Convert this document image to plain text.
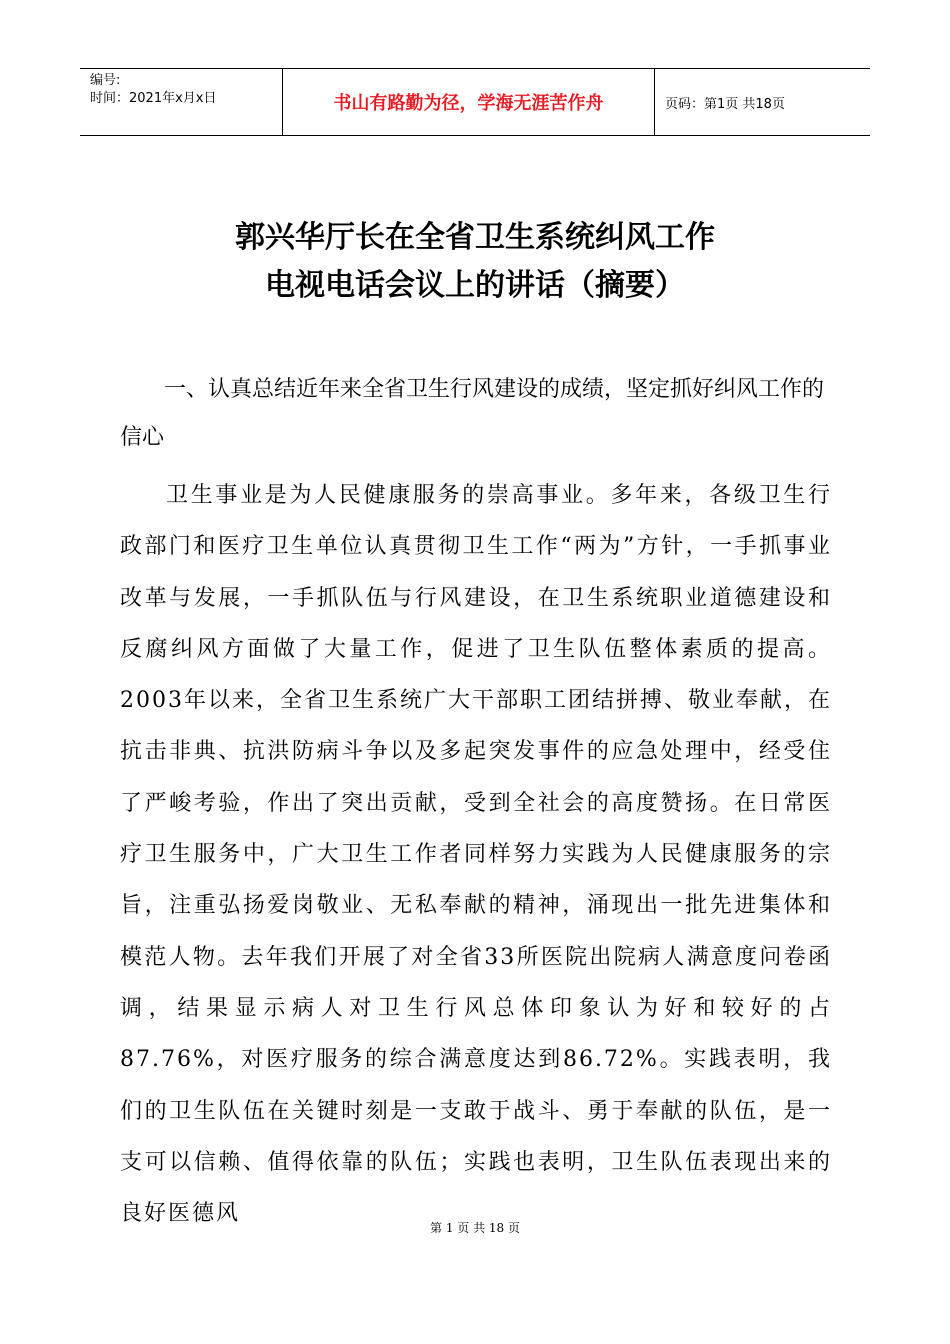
编号:
时间：2021年x月x日	书山有路勤为径，学海无涯苦作舟	页码：第1页 共18页
郭兴华厅长在全省卫生系统纠风工作
电视电话会议上的讲话（摘要）

一、认真总结近年来全省卫生行风建设的成绩，坚定抓好纠风工作的信心

卫生事业是为人民健康服务的崇高事业。多年来，各级卫生行政部门和医疗卫生单位认真贯彻卫生工作“两为”方针，一手抓事业改革与发展，一手抓队伍与行风建设，在卫生系统职业道德建设和反腐纠风方面做了大量工作，促进了卫生队伍整体素质的提高。2003年以来，全省卫生系统广大干部职工团结拼搏、敬业奉献，在抗击非典、抗洪防病斗争以及多起突发事件的应急处理中，经受住了严峻考验，作出了突出贡献，受到全社会的高度赞扬。在日常医疗卫生服务中，广大卫生工作者同样努力实践为人民健康服务的宗旨，注重弘扬爱岗敬业、无私奉献的精神，涌现出一批先进集体和模范人物。去年我们开展了对全省33所医院出院病人满意度问卷函调，结果显示病人对卫生行风总体印象认为好和较好的占87.76%，对医疗服务的综合满意度达到86.72%。实践表明，我们的卫生队伍在关键时刻是一支敢于战斗、勇于奉献的队伍，是一支可以信赖、值得依靠的队伍；实践也表明，卫生队伍表现出来的良好医德风

第 1 页 共 18 页
